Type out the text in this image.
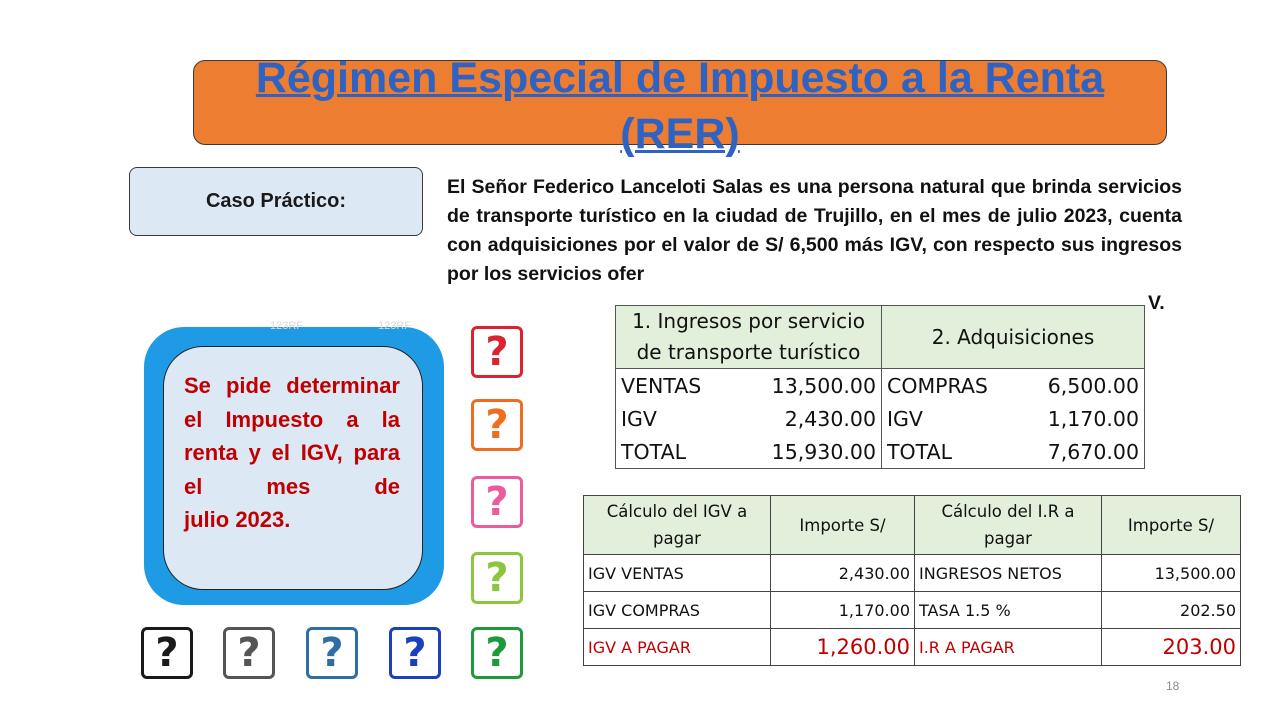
Régimen Especial de Impuesto a la Renta (RER)
Caso Práctico:
El Señor Federico Lanceloti Salas es una persona natural que brinda servicios de transporte turístico en la ciudad de Trujillo, en el mes de julio 2023, cuenta con adquisiciones por el valor de S/ 6,500 más IGV, con respecto sus ingresos por los servicios ofer
Se pide determinar el Impuesto a la renta y el IGV, para el mes de
julio 2023.
?
?
?
?
?
?	?	?	?
123RF	123RF	1. Ingresos por servicio de transporte turístico	2. Adquisiciones	

VENTAS 13,500.00	COMPRAS	6,500.00

IGV 2,430.00	IGV	1,170.00

TOTAL 15,930.00	TOTAL	7,670.00
V.
Cálculo del IGV a pagar	Importe S/	Cálculo del I.R a pagar	Importe S/
IGV VENTAS	2,430.00	INGRESOS NETOS	13,500.00
IGV COMPRAS	1,170.00	TASA 1.5 %	202.50
IGV A PAGAR	1,260.00	I.R A PAGAR	203.00
18
